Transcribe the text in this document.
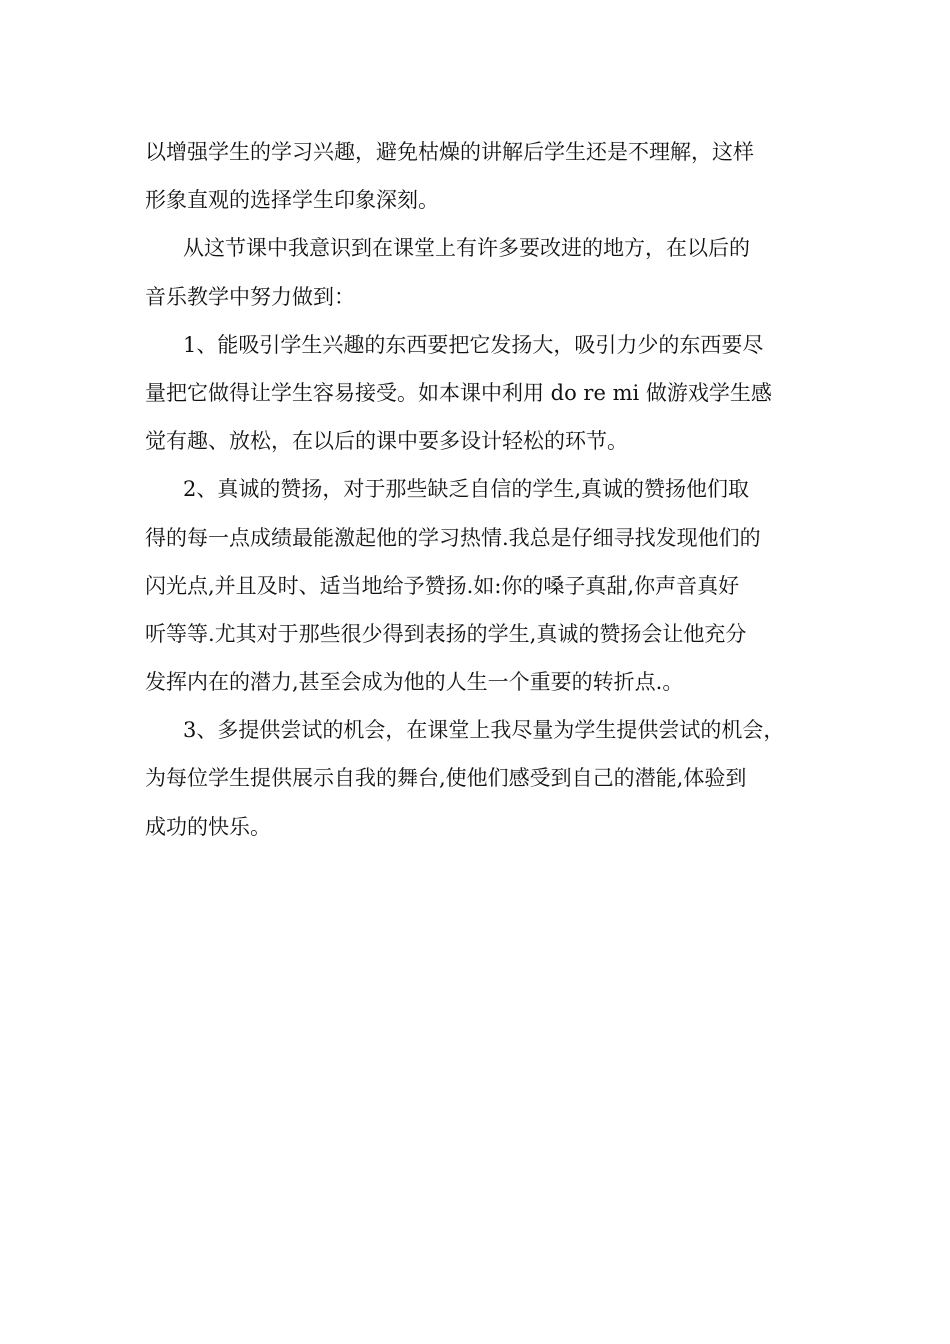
以增强学生的学习兴趣，避免枯燥的讲解后学生还是不理解，这样
形象直观的选择学生印象深刻。
从这节课中我意识到在课堂上有许多要改进的地方，在以后的
音乐教学中努力做到：
1、能吸引学生兴趣的东西要把它发扬大，吸引力少的东西要尽
量把它做得让学生容易接受。如本课中利用 do re mi 做游戏学生感
觉有趣、放松，在以后的课中要多设计轻松的环节。
2、真诚的赞扬，对于那些缺乏自信的学生,真诚的赞扬他们取
得的每一点成绩最能激起他的学习热情.我总是仔细寻找发现他们的
闪光点,并且及时、适当地给予赞扬.如:你的嗓子真甜,你声音真好
听等等.尤其对于那些很少得到表扬的学生,真诚的赞扬会让他充分
发挥内在的潜力,甚至会成为他的人生一个重要的转折点.。
3、多提供尝试的机会，在课堂上我尽量为学生提供尝试的机会，
为每位学生提供展示自我的舞台,使他们感受到自己的潜能,体验到
成功的快乐。
